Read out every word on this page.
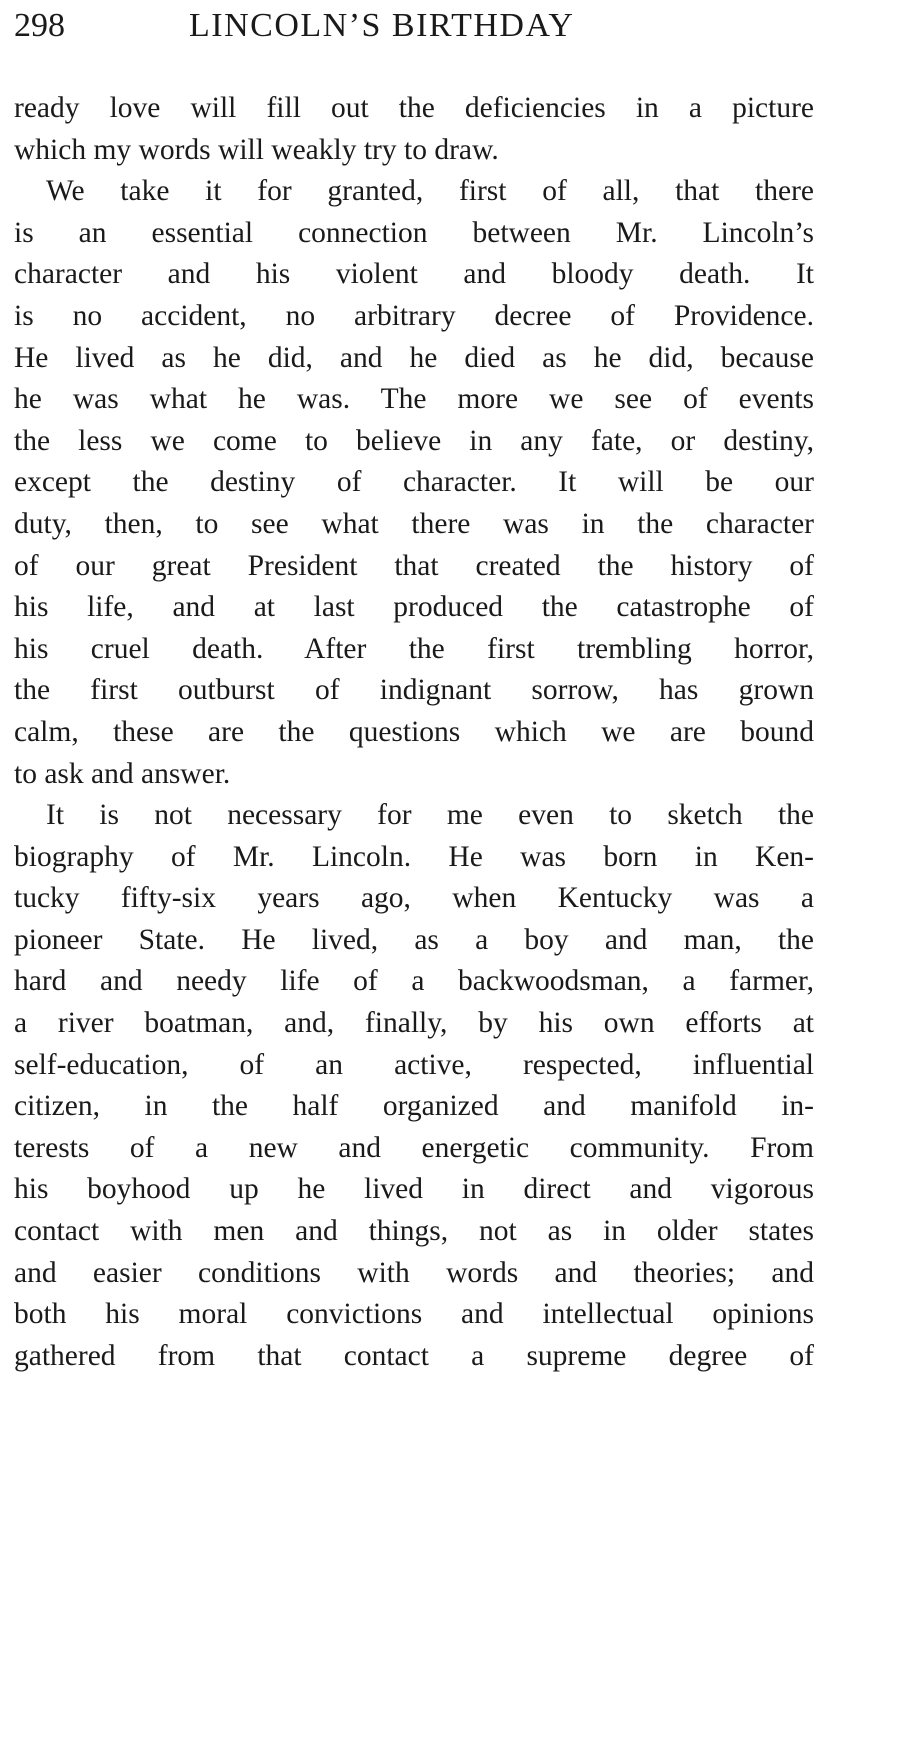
298	LINCOLN’S BIRTHDAY
ready love will fill out the deficiencies in a picture
which my words will weakly try to draw.
We take it for granted, first of all, that there
is an essential connection between Mr. Lincoln’s
character and his violent and bloody death. It
is no accident, no arbitrary decree of Providence.
He lived as he did, and he died as he did, because
he was what he was. The more we see of events
the less we come to believe in any fate, or destiny,
except the destiny of character. It will be our
duty, then, to see what there was in the character
of our great President that created the history of
his life, and at last produced the catastrophe of
his cruel death. After the first trembling horror,
the first outburst of indignant sorrow, has grown
calm, these are the questions which we are bound
to ask and answer.
It is not necessary for me even to sketch the
biography of Mr. Lincoln. He was born in Ken-
tucky fifty-six years ago, when Kentucky was a
pioneer State. He lived, as a boy and man, the
hard and needy life of a backwoodsman, a farmer,
a river boatman, and, finally, by his own efforts at
self-education, of an active, respected, influential
citizen, in the half organized and manifold in-
terests of a new and energetic community. From
his boyhood up he lived in direct and vigorous
contact with men and things, not as in older states
and easier conditions with words and theories; and
both his moral convictions and intellectual opinions
gathered from that contact a supreme degree of
